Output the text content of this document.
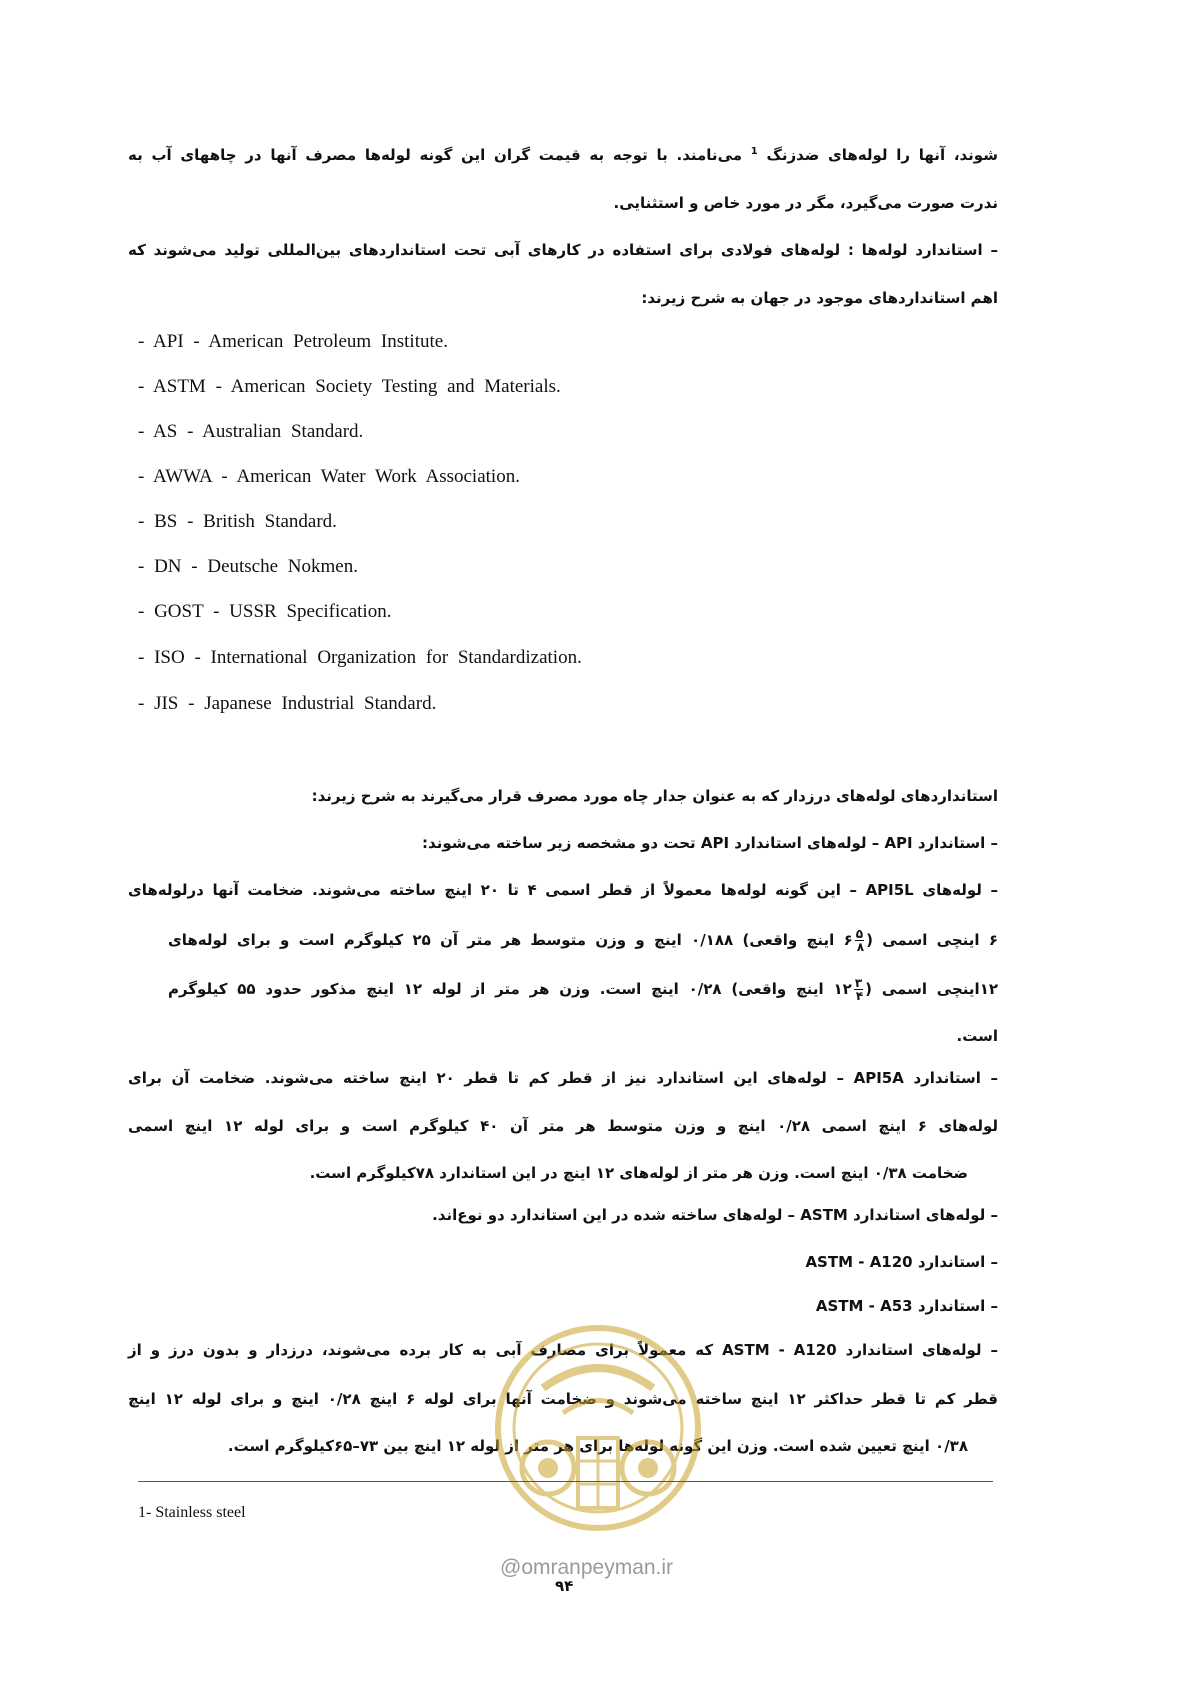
شوند، آنها را لوله‌های ضدزنگ $^1$ می‌نامند. با توجه به قیمت گران این گونه لوله‌ها مصرف آنها در چاههای آب به
ندرت صورت می‌گیرد، مگر در مورد خاص و استثنایی.
– استاندارد لوله‌ها : لوله‌های فولادی برای استفاده در کارهای آبی تحت استانداردهای بین‌المللی تولید می‌شوند که
اهم استانداردهای موجود در جهان به شرح زیرند:
- API - American Petroleum Institute.
- ASTM - American Society Testing and Materials.
- AS - Australian Standard.
- AWWA - American Water Work Association.
- BS - British Standard.
- DN - Deutsche Nokmen.
- GOST - USSR Specification.
- ISO - International Organization for Standardization.
- JIS - Japanese Industrial Standard.
استانداردهای لوله‌های درزدار که به عنوان جدار چاه مورد مصرف قرار می‌گیرند به شرح زیرند:
– استاندارد API – لوله‌های استاندارد API تحت دو مشخصه زیر ساخته می‌شوند:
– لوله‌های API5L – این گونه لوله‌ها معمولاً از قطر اسمی ۴ تا ۲۰ اینچ ساخته می‌شوند. ضخامت آنها درلوله‌های
۶ اینچی اسمی (
$\frac{۵}{۸}$
۶ اینچ واقعی) ۰/۱۸۸ اینچ و وزن متوسط هر متر آن ۲۵ کیلوگرم است و برای لوله‌های
۱۲اینچی اسمی (
$\frac{۳}{۴}$
۱۲ اینچ واقعی) ۰/۲۸ اینچ است. وزن هر متر از لوله ۱۲ اینچ مذکور حدود ۵۵ کیلوگرم
است.
– استاندارد API5A – لوله‌های این استاندارد نیز از قطر کم تا قطر ۲۰ اینچ ساخته می‌شوند. ضخامت آن برای
لوله‌های ۶ اینچ اسمی ۰/۲۸ اینچ و وزن متوسط هر متر آن ۴۰ کیلوگرم است و برای لوله ۱۲ اینچ اسمی
ضخامت ۰/۳۸ اینچ است. وزن هر متر از لوله‌های ۱۲ اینچ در این استاندارد ۷۸کیلوگرم است.
– لوله‌های استاندارد ASTM – لوله‌های ساخته شده در این استاندارد دو نوع‌اند.
– استاندارد ASTM - A120
– استاندارد ASTM - A53
– لوله‌های استاندارد ASTM - A120 که معمولاً برای مصارف آبی به کار برده می‌شوند، درزدار و بدون درز و از
قطر کم تا قطر حداکثر ۱۲ اینچ ساخته می‌شوند و ضخامت آنها برای لوله ۶ اینچ ۰/۲۸ اینچ و برای لوله ۱۲ اینچ
۰/۳۸ اینچ تعیین شده است. وزن این گونه لوله‌ها برای هر متر از لوله ۱۲ اینچ بین ۷۳–۶۵کیلوگرم است.
1- Stainless steel
@omranpeyman.ir
۹۴
